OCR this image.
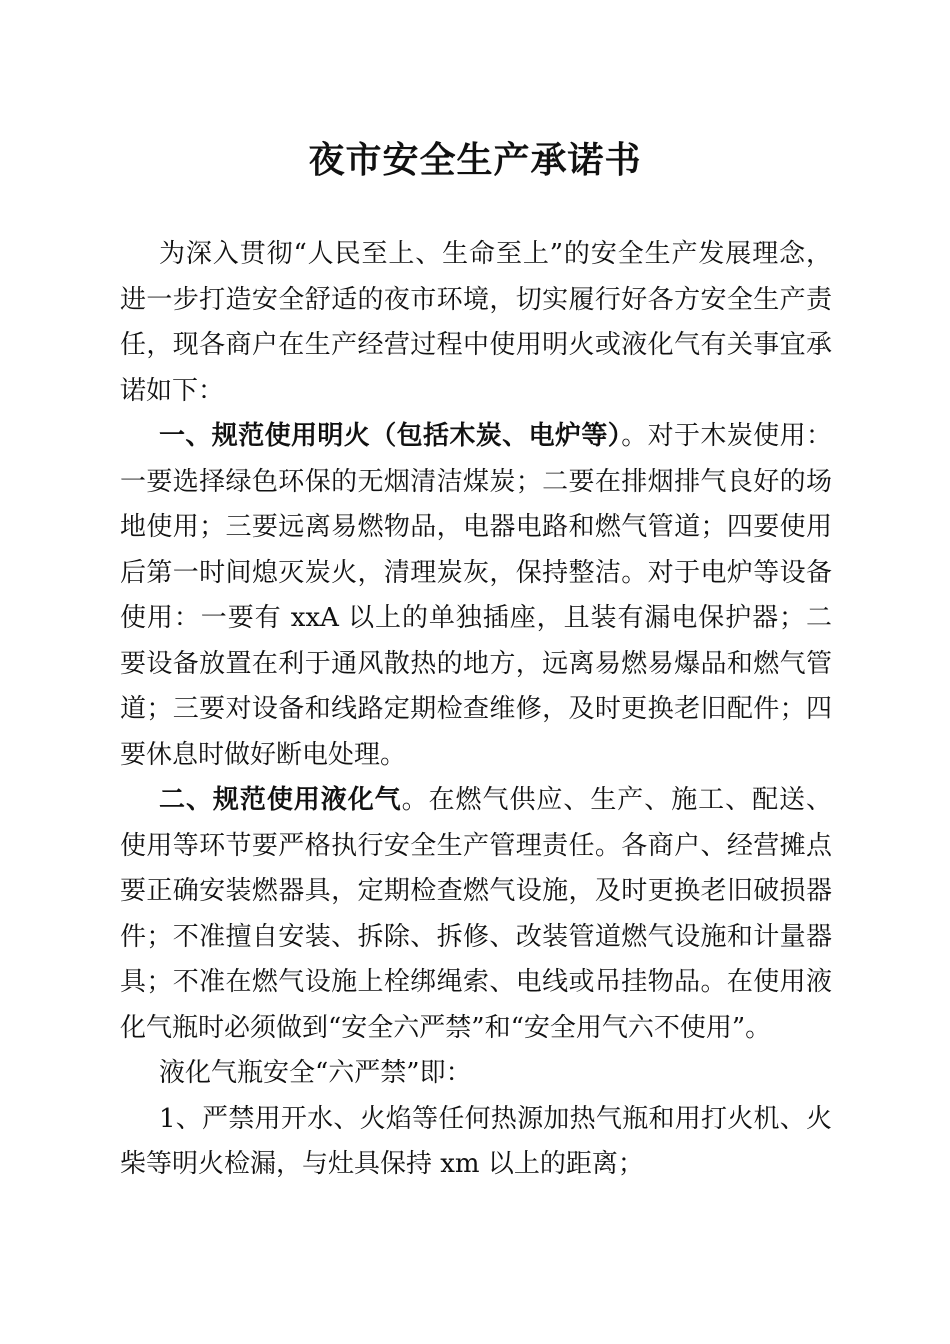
夜市安全生产承诺书

为深入贯彻“人民至上、生命至上”的安全生产发展理念，进一步打造安全舒适的夜市环境，切实履行好各方安全生产责任，现各商户在生产经营过程中使用明火或液化气有关事宜承诺如下：

一、规范使用明火（包括木炭、电炉等）。对于木炭使用：一要选择绿色环保的无烟清洁煤炭；二要在排烟排气良好的场地使用；三要远离易燃物品，电器电路和燃气管道；四要使用后第一时间熄灭炭火，清理炭灰，保持整洁。对于电炉等设备使用：一要有 xxA 以上的单独插座，且装有漏电保护器；二要设备放置在利于通风散热的地方，远离易燃易爆品和燃气管道；三要对设备和线路定期检查维修，及时更换老旧配件；四要休息时做好断电处理。

二、规范使用液化气。在燃气供应、生产、施工、配送、使用等环节要严格执行安全生产管理责任。各商户、经营摊点要正确安装燃器具，定期检查燃气设施，及时更换老旧破损器件；不准擅自安装、拆除、拆修、改装管道燃气设施和计量器具；不准在燃气设施上栓绑绳索、电线或吊挂物品。在使用液化气瓶时必须做到“安全六严禁”和“安全用气六不使用”。

液化气瓶安全“六严禁”即：

1、严禁用开水、火焰等任何热源加热气瓶和用打火机、火柴等明火检漏，与灶具保持 xm 以上的距离；
